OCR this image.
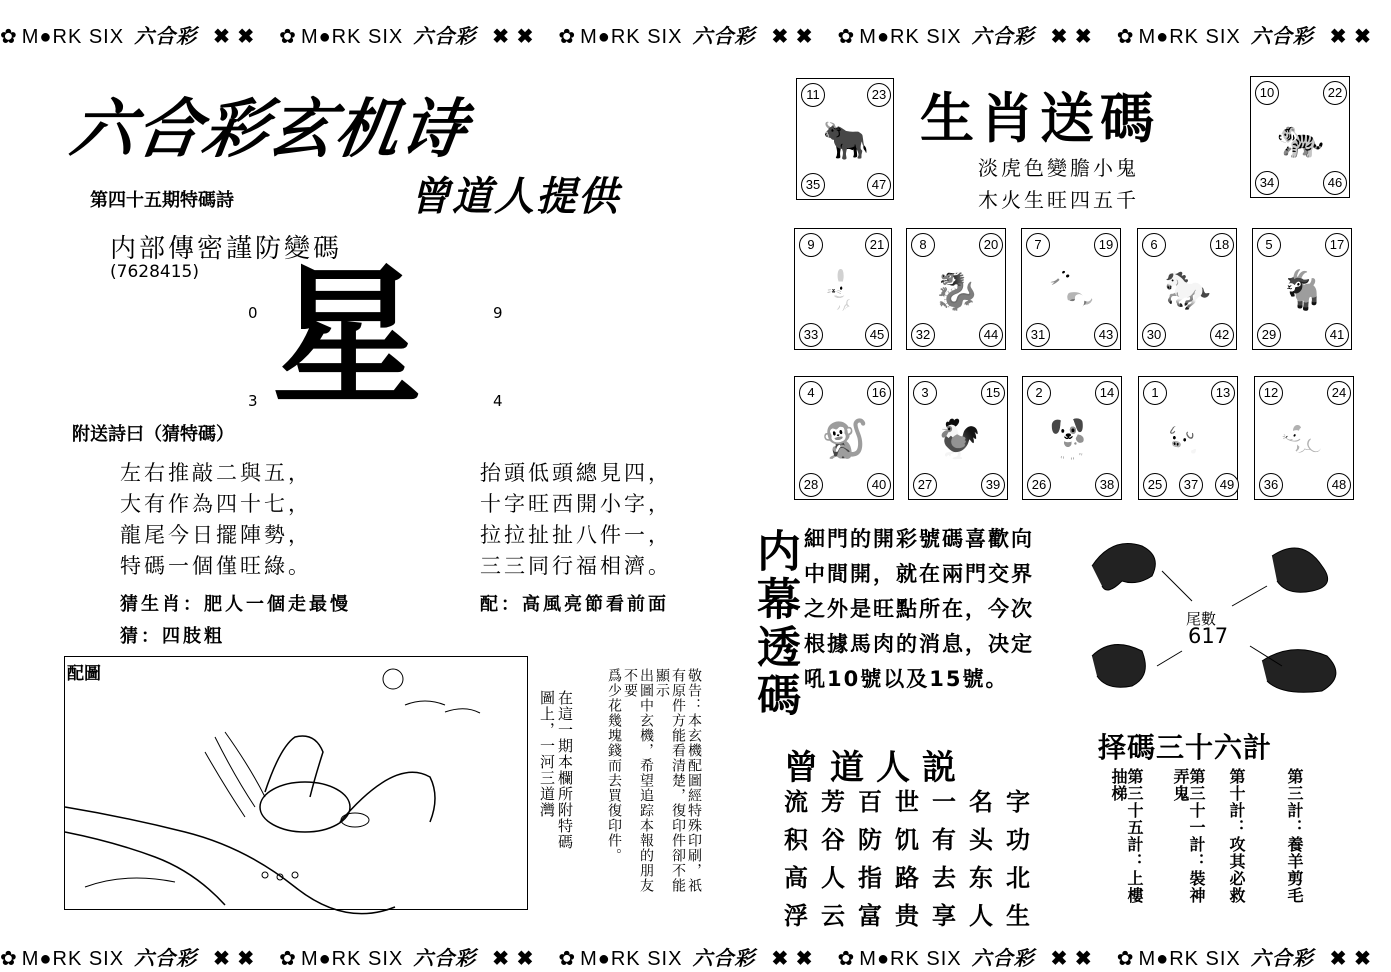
✿ M●RK SIX 六合彩 ✖ ✖ ✿ M●RK SIX 六合彩 ✖ ✖ ✿ M●RK SIX 六合彩 ✖ ✖ ✿ M●RK SIX 六合彩 ✖ ✖ ✿ M●RK SIX 六合彩 ✖ ✖
✿ M●RK SIX 六合彩 ✖ ✖ ✿ M●RK SIX 六合彩 ✖ ✖ ✿ M●RK SIX 六合彩 ✖ ✖ ✿ M●RK SIX 六合彩 ✖ ✖ ✿ M●RK SIX 六合彩 ✖ ✖
六合彩玄机诗
曾道人提供
第四十五期特碼詩
内部傳密謹防變碼
(7628415)
0	9
3	4
星
附送詩曰（猜特碼）
左右推敲二與五，
大有作為四十七，
龍尾今日擺陣勢，
特碼一個僅旺綠。
抬頭低頭總見四，
十字旺西開小字，
拉拉扯扯八件一，
三三同行福相濟。
猜生肖：肥人一個走最慢	配：高風亮節看前面
猜：四肢粗
配圖
在這一期本欄所附特碼
圖上，一河三道灣	敬告：本玄機配圖經特殊印刷，祇
有原件方能看清楚，復印件卻不能顯示
出圖中玄機，希望追踪本報的朋友不要
爲少花幾塊錢而去買復印件。
生肖送碼
淡虎色變膽小鬼
木火生旺四五千
11	23
35	47
🐂
10	22
34	46
🐅
9	21
33	45
🐇
8	20
32	44
🐉
7	19
31	43
🐍
6	18
30	42
🐎
5	17
29	41
🐐
4	16
28	40
🐒
3	15
27	39
🐓
2	14
26	38
🐕
1	13
25	37	49
🐖
12	24
36	48
🐀
内幕透碼 細門的開彩號碼喜歡向
中間開，就在兩門交界
之外是旺點所在，今次
根據馬肉的消息，决定
吼10號以及15號。
尾數
617
曾道人説
流 芳 百 世 一 名 字
积 谷 防 饥 有 头 功
高 人 指 路 去 东 北
浮 云 富 贵 享 人 生
择碼三十六計
第三十五計：上樓抽梯	第三十一計：裝神弄鬼	第十計：攻其必救 第三計：養羊剪毛
